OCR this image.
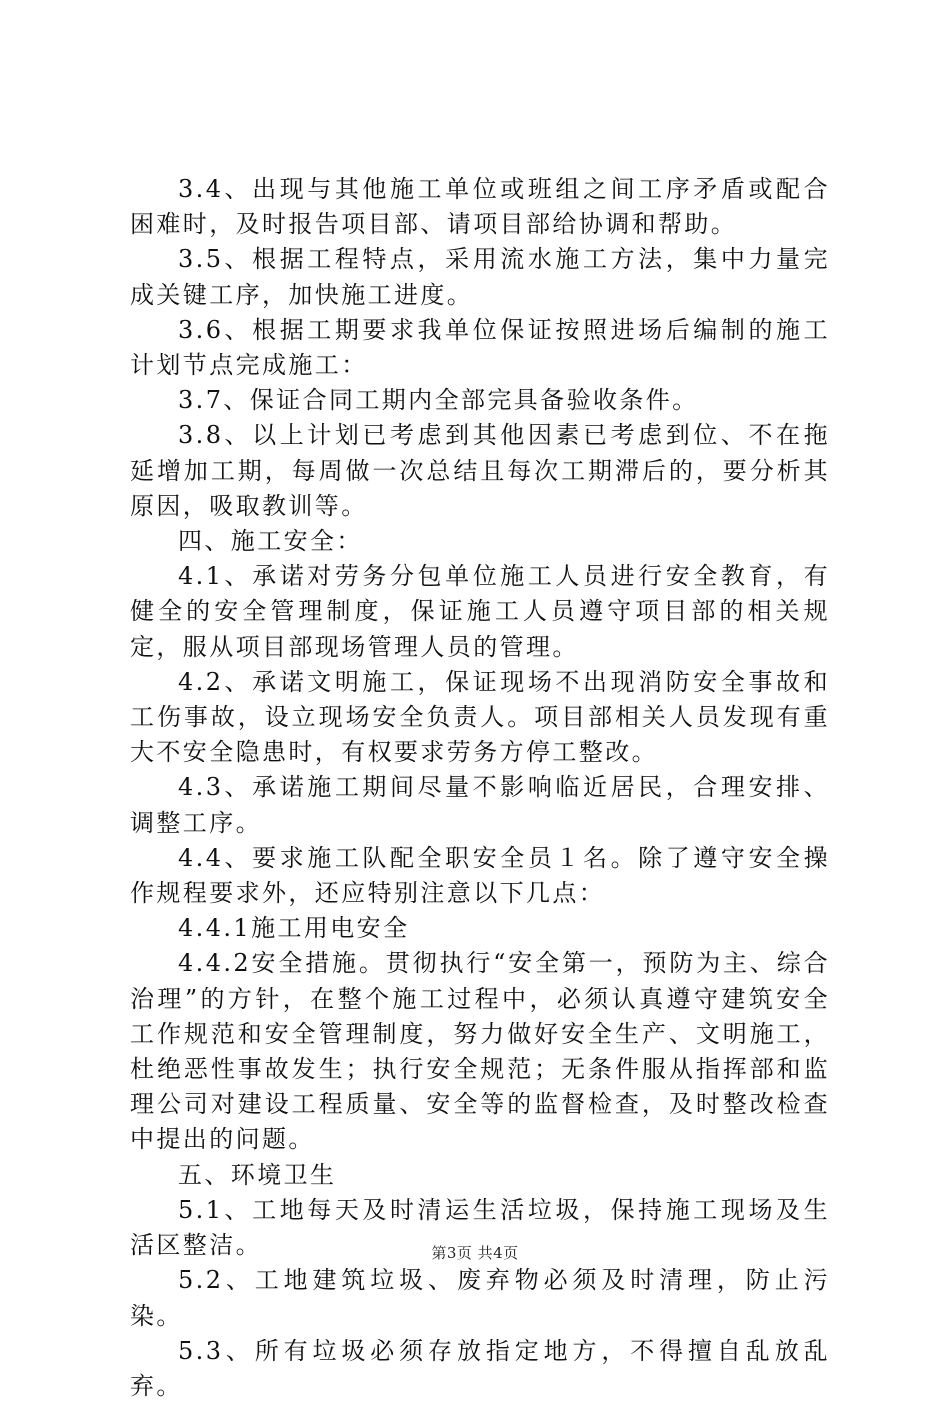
3.4、出现与其他施工单位或班组之间工序矛盾或配合困难时，及时报告项目部、请项目部给协调和帮助。

3.5、根据工程特点，采用流水施工方法，集中力量完成关键工序，加快施工进度。

3.6、根据工期要求我单位保证按照进场后编制的施工计划节点完成施工：

3.7、保证合同工期内全部完具备验收条件。

3.8、以上计划已考虑到其他因素已考虑到位、不在拖延增加工期，每周做一次总结且每次工期滞后的，要分析其原因，吸取教训等。

四、施工安全：

4.1、承诺对劳务分包单位施工人员进行安全教育，有健全的安全管理制度，保证施工人员遵守项目部的相关规定，服从项目部现场管理人员的管理。

4.2、承诺文明施工，保证现场不出现消防安全事故和工伤事故，设立现场安全负责人。项目部相关人员发现有重大不安全隐患时，有权要求劳务方停工整改。

4.3、承诺施工期间尽量不影响临近居民，合理安排、调整工序。

4.4、要求施工队配全职安全员１名。除了遵守安全操作规程要求外，还应特别注意以下几点：

4.4.1施工用电安全

4.4.2安全措施。贯彻执行“安全第一，预防为主、综合治理”的方针，在整个施工过程中，必须认真遵守建筑安全工作规范和安全管理制度，努力做好安全生产、文明施工，杜绝恶性事故发生；执行安全规范；无条件服从指挥部和监理公司对建设工程质量、安全等的监督检查，及时整改检查中提出的问题。

五、环境卫生

5.1、工地每天及时清运生活垃圾，保持施工现场及生活区整洁。

5.2、工地建筑垃圾、废弃物必须及时清理，防止污染。

5.3、所有垃圾必须存放指定地方，不得擅自乱放乱弃。

第3页 共4页
